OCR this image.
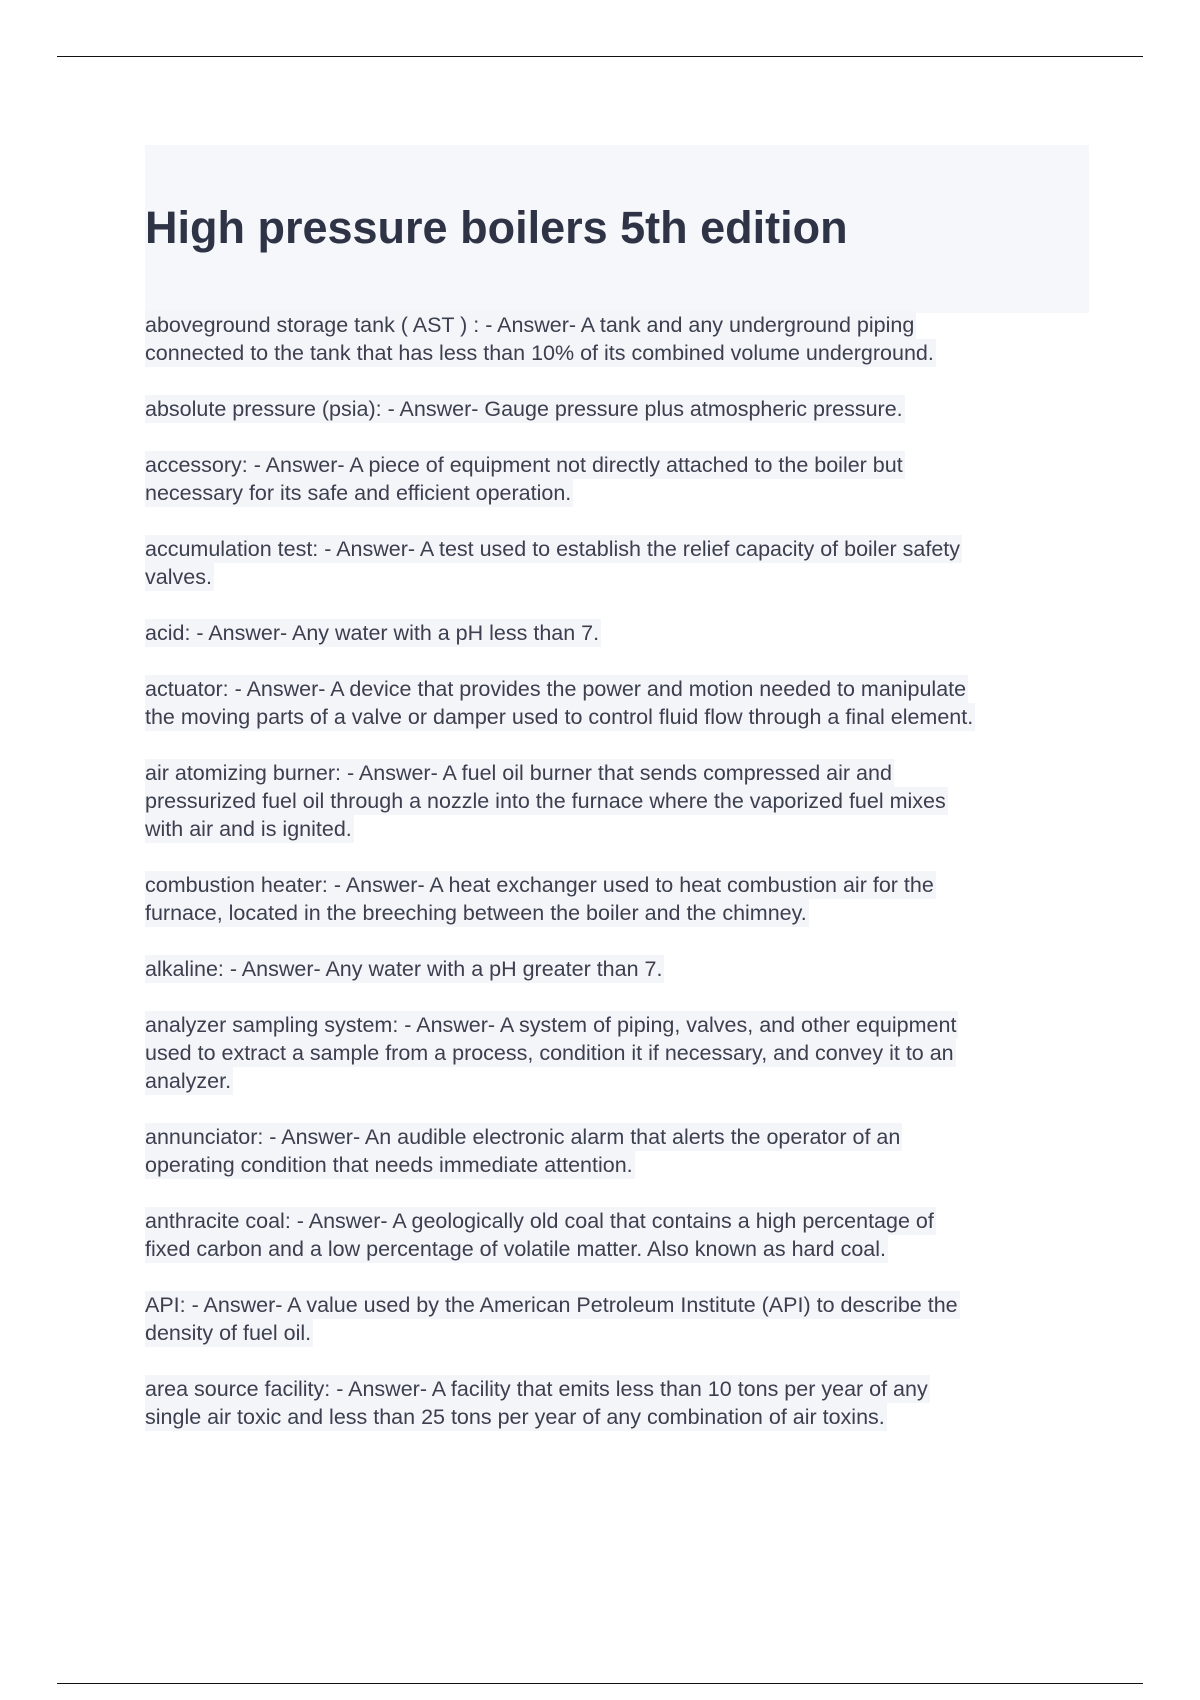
High pressure boilers 5th edition
aboveground storage tank ( AST ) : - Answer- A tank and any underground piping
connected to the tank that has less than 10% of its combined volume underground.

absolute pressure (psia): - Answer- Gauge pressure plus atmospheric pressure.

accessory: - Answer- A piece of equipment not directly attached to the boiler but
necessary for its safe and efficient operation.

accumulation test: - Answer- A test used to establish the relief capacity of boiler safety
valves.

acid: - Answer- Any water with a pH less than 7.

actuator: - Answer- A device that provides the power and motion needed to manipulate
the moving parts of a valve or damper used to control fluid flow through a final element.

air atomizing burner: - Answer- A fuel oil burner that sends compressed air and
pressurized fuel oil through a nozzle into the furnace where the vaporized fuel mixes
with air and is ignited.

combustion heater: - Answer- A heat exchanger used to heat combustion air for the
furnace, located in the breeching between the boiler and the chimney.

alkaline: - Answer- Any water with a pH greater than 7.

analyzer sampling system: - Answer- A system of piping, valves, and other equipment
used to extract a sample from a process, condition it if necessary, and convey it to an
analyzer.

annunciator: - Answer- An audible electronic alarm that alerts the operator of an
operating condition that needs immediate attention.

anthracite coal: - Answer- A geologically old coal that contains a high percentage of
fixed carbon and a low percentage of volatile matter. Also known as hard coal.

API: - Answer- A value used by the American Petroleum Institute (API) to describe the
density of fuel oil.

area source facility: - Answer- A facility that emits less than 10 tons per year of any
single air toxic and less than 25 tons per year of any combination of air toxins.
